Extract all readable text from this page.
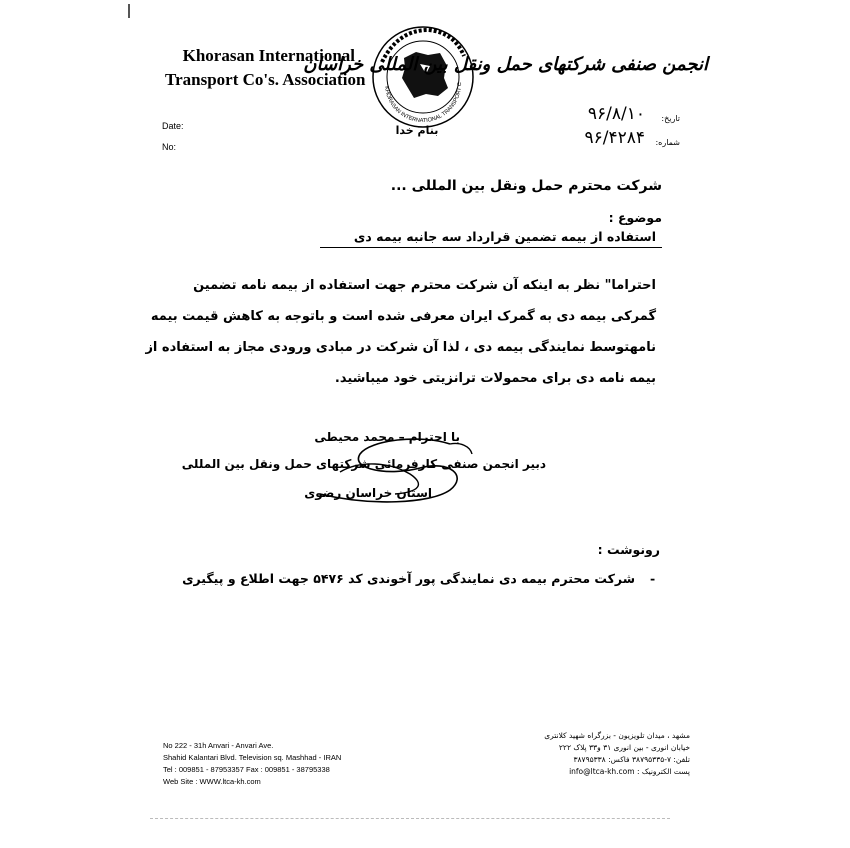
Khorasan International
Transport Co's. Association	KHORASAN INTERNATIONAL TRANSPORT C
انجمن صنفی شرکتهای حمل ونقل بین المللی خراسان
Date:
No:
بنام خدا
تاریخ:
شماره:
۹۶/۸/۱۰
۹۶/۴۲۸۴
شرکت محترم حمل ونقل بین المللی ...
موضوع : استفاده از بیمه تضمین قرارداد سه جانبه بیمه دی
احتراما" نظر به اینکه آن شرکت محترم جهت استفاده از بیمه نامه تضمین
گمرکی بیمه دی به گمرک ایران معرفی شده است و باتوجه به کاهش قیمت بیمه
نامهتوسط نمایندگی بیمه دی ، لذا آن شرکت در مبادی ورودی مجاز به استفاده از
بیمه نامه دی برای محمولات ترانزیتی خود میباشید.
با احترام – محمد محیطی
دبیر انجمن صنفی کارفرمائی شرکتهای حمل ونقل بین المللی
استان خراسان رضوی
رونوشت :
-
شرکت محترم بیمه دی نمایندگی پور آخوندی کد ۵۴۷۶ جهت اطلاع و پیگیری
No 222 - 31h Anvari - Anvari Ave.
Shahid Kalantari Blvd. Television sq. Mashhad - IRAN
Tel : 009851 - 87953357 Fax : 009851 - 38795338
Web Site : WWW.ltca-kh.com
مشهد ، میدان تلویزیون - بزرگراه شهید کلانتری
خیابان انوری - بین انوری ۳۱ و۳۳ پلاک ۲۲۲
تلفن: ۷-۳۸۷۹۵۳۳۵ فاکس: ۳۸۷۹۵۳۳۸
پست الکترونیک : info@ltca-kh.com
